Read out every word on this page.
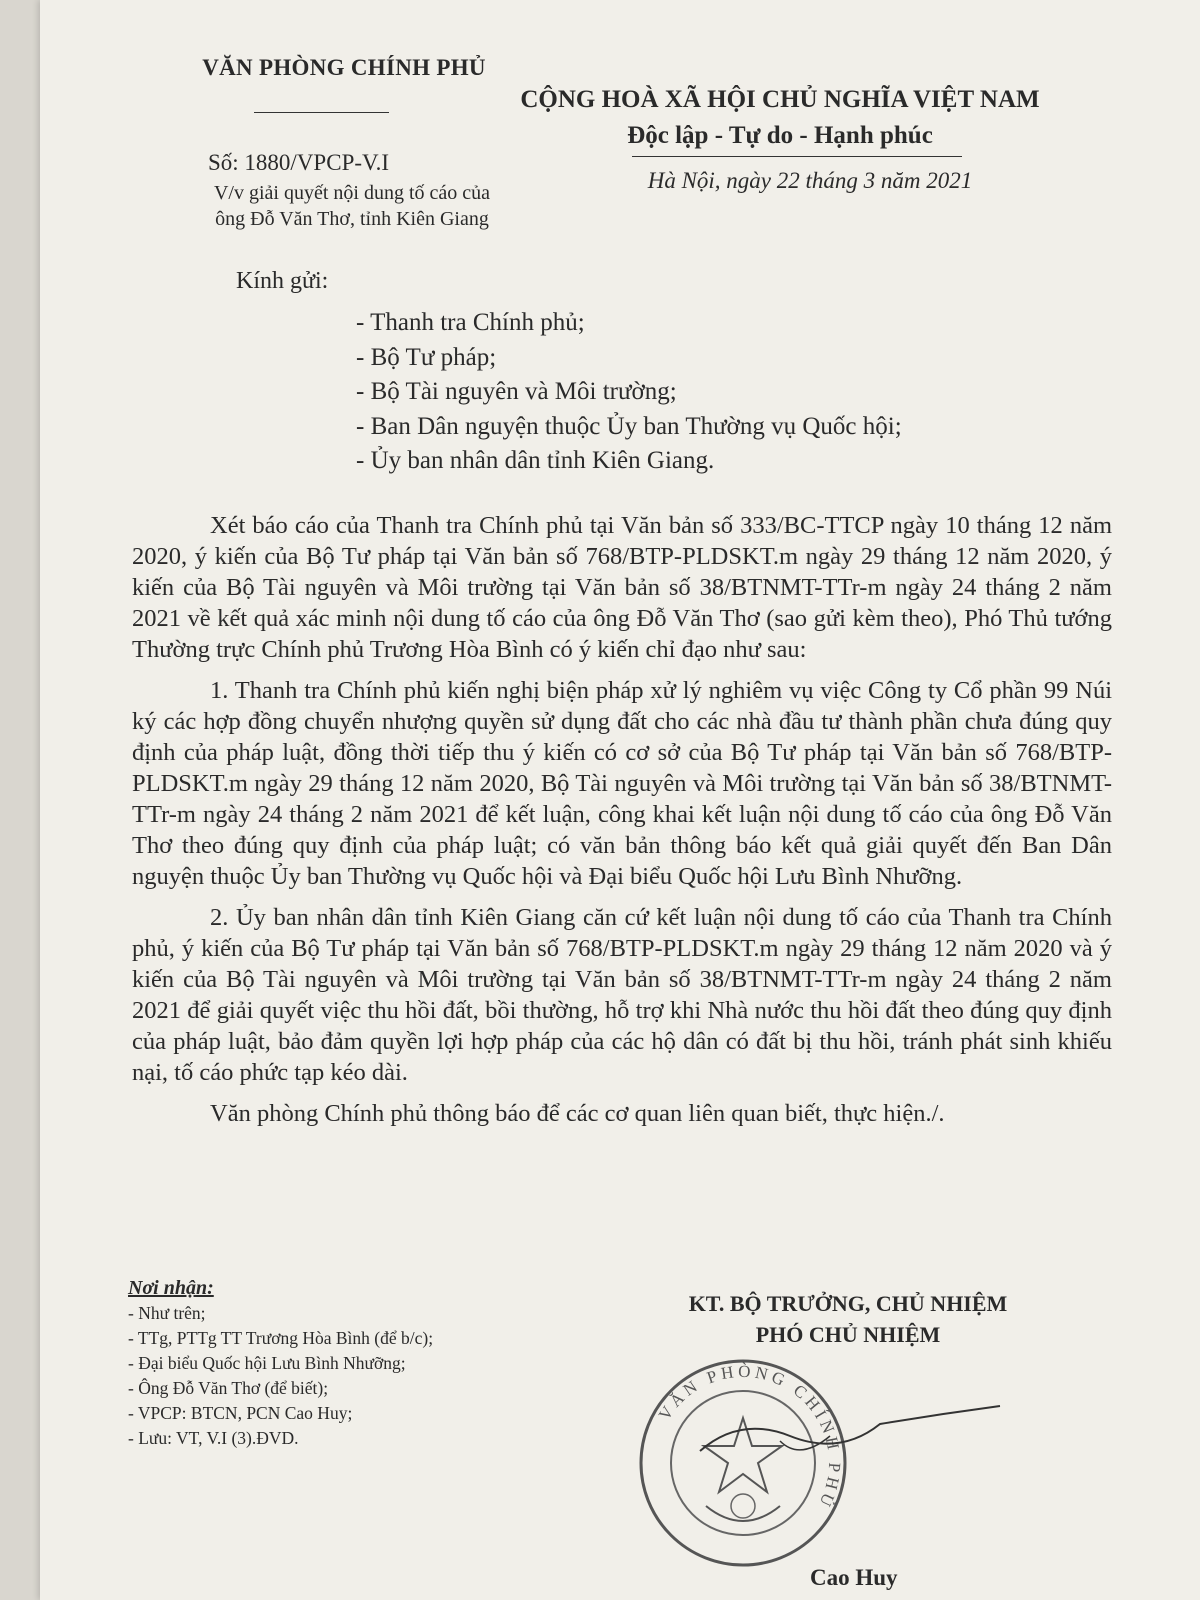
VĂN PHÒNG CHÍNH PHỦ
CỘNG HOÀ XÃ HỘI CHỦ NGHĨA VIỆT NAM
Độc lập - Tự do - Hạnh phúc
Số: 1880/VPCP-V.I
V/v giải quyết nội dung tố cáo của
ông Đỗ Văn Thơ, tỉnh Kiên Giang
Hà Nội, ngày 22 tháng 3 năm 2021
Kính gửi:
- Thanh tra Chính phủ;
- Bộ Tư pháp;
- Bộ Tài nguyên và Môi trường;
- Ban Dân nguyện thuộc Ủy ban Thường vụ Quốc hội;
- Ủy ban nhân dân tỉnh Kiên Giang.

Xét báo cáo của Thanh tra Chính phủ tại Văn bản số 333/BC-TTCP ngày 10 tháng 12 năm 2020, ý kiến của Bộ Tư pháp tại Văn bản số 768/BTP-PLDSKT.m ngày 29 tháng 12 năm 2020, ý kiến của Bộ Tài nguyên và Môi trường tại Văn bản số 38/BTNMT-TTr-m ngày 24 tháng 2 năm 2021 về kết quả xác minh nội dung tố cáo của ông Đỗ Văn Thơ (sao gửi kèm theo), Phó Thủ tướng Thường trực Chính phủ Trương Hòa Bình có ý kiến chỉ đạo như sau:

1. Thanh tra Chính phủ kiến nghị biện pháp xử lý nghiêm vụ việc Công ty Cổ phần 99 Núi ký các hợp đồng chuyển nhượng quyền sử dụng đất cho các nhà đầu tư thành phần chưa đúng quy định của pháp luật, đồng thời tiếp thu ý kiến có cơ sở của Bộ Tư pháp tại Văn bản số 768/BTP-PLDSKT.m ngày 29 tháng 12 năm 2020, Bộ Tài nguyên và Môi trường tại Văn bản số 38/BTNMT-TTr-m ngày 24 tháng 2 năm 2021 để kết luận, công khai kết luận nội dung tố cáo của ông Đỗ Văn Thơ theo đúng quy định của pháp luật; có văn bản thông báo kết quả giải quyết đến Ban Dân nguyện thuộc Ủy ban Thường vụ Quốc hội và Đại biểu Quốc hội Lưu Bình Nhưỡng.

2. Ủy ban nhân dân tỉnh Kiên Giang căn cứ kết luận nội dung tố cáo của Thanh tra Chính phủ, ý kiến của Bộ Tư pháp tại Văn bản số 768/BTP-PLDSKT.m ngày 29 tháng 12 năm 2020 và ý kiến của Bộ Tài nguyên và Môi trường tại Văn bản số 38/BTNMT-TTr-m ngày 24 tháng 2 năm 2021 để giải quyết việc thu hồi đất, bồi thường, hỗ trợ khi Nhà nước thu hồi đất theo đúng quy định của pháp luật, bảo đảm quyền lợi hợp pháp của các hộ dân có đất bị thu hồi, tránh phát sinh khiếu nại, tố cáo phức tạp kéo dài.

Văn phòng Chính phủ thông báo để các cơ quan liên quan biết, thực hiện./.

Nơi nhận:
- Như trên;
- TTg, PTTg TT Trương Hòa Bình (để b/c);
- Đại biểu Quốc hội Lưu Bình Nhưỡng;
- Ông Đỗ Văn Thơ (để biết);
- VPCP: BTCN, PCN Cao Huy;
- Lưu: VT, V.I (3).ĐVD.
KT. BỘ TRƯỞNG, CHỦ NHIỆM
PHÓ CHỦ NHIỆM
VĂN PHÒNG CHÍNH PHỦ
Cao Huy
